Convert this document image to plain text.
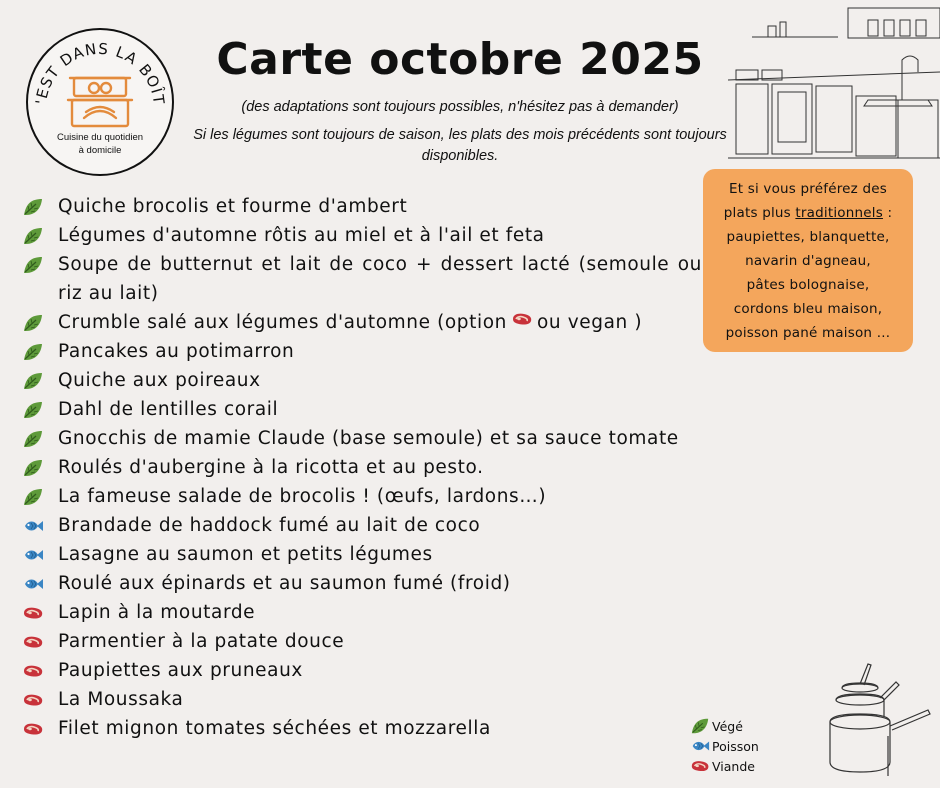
'EST DANS LA BOÎT
Cuisine du quotidien
à domicile
Carte octobre 2025

(des adaptations sont toujours possibles, n'hésitez pas à demander)

Si les légumes sont toujours de saison, les plats des mois précédents sont toujours disponibles.

Quiche brocolis et fourme d'ambert
Légumes d'automne rôtis au miel et à l'ail et feta
Soupe de butternut et lait de coco + dessert lacté (semoule ou riz au lait)
Crumble salé aux légumes d'automne (option ou vegan )
Pancakes au potimarron
Quiche aux poireaux
Dahl de lentilles corail
Gnocchis de mamie Claude (base semoule) et sa sauce tomate
Roulés d'aubergine à la ricotta et au pesto.
La fameuse salade de brocolis ! (œufs, lardons…)
Brandade de haddock fumé au lait de coco
Lasagne au saumon et petits légumes
Roulé aux épinards et au saumon fumé (froid)
Lapin à la moutarde
Parmentier à la patate douce
Paupiettes aux pruneaux
La Moussaka
Filet mignon tomates séchées et mozzarella
Et si vous préférez des
plats plus traditionnels :
paupiettes, blanquette,
navarin d'agneau,
pâtes bolognaise,
cordons bleu maison,
poisson pané maison …
Végé
Poisson
Viande
